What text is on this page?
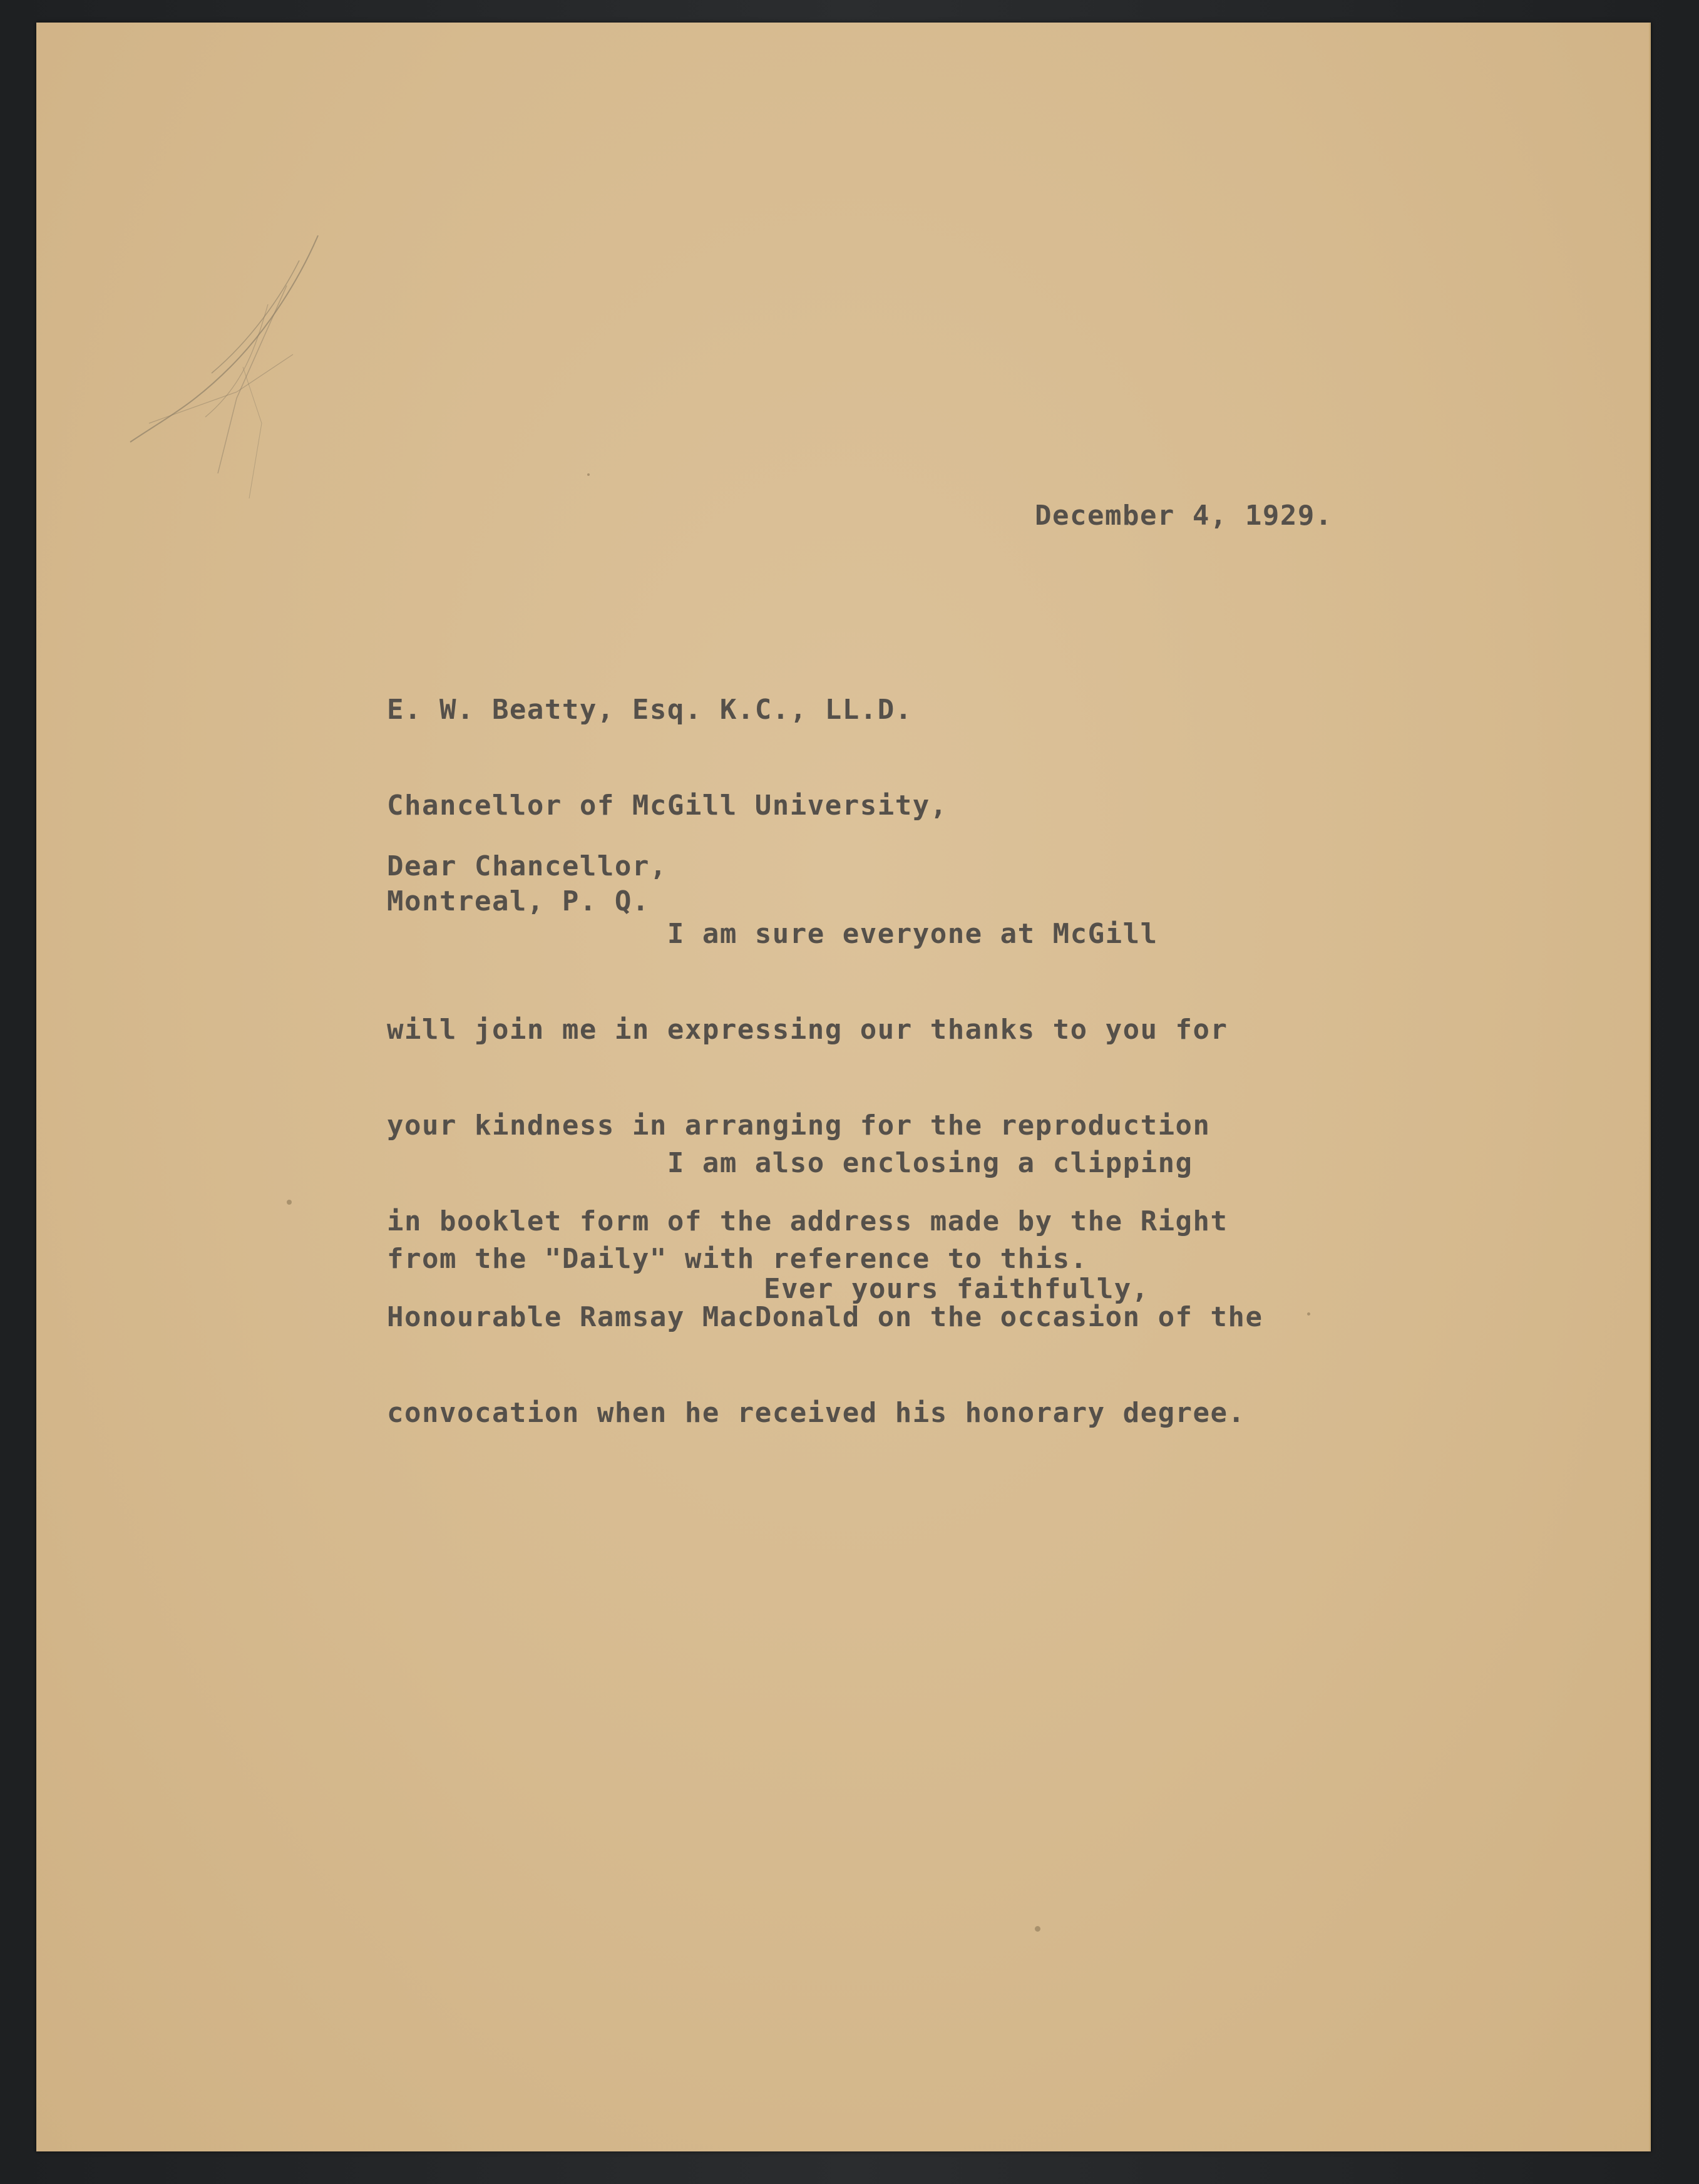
December 4, 1929.

E. W. Beatty, Esq. K.C., LL.D.

Chancellor of McGill University,

Montreal, P. Q.

Dear Chancellor,

I am sure everyone at McGill

will join me in expressing our thanks to you for

your kindness in arranging for the reproduction

in booklet form of the address made by the Right

Honourable Ramsay MacDonald on the occasion of the

convocation when he received his honorary degree.

I am also enclosing a clipping

from the "Daily" with reference to this.

Ever yours faithfully,
